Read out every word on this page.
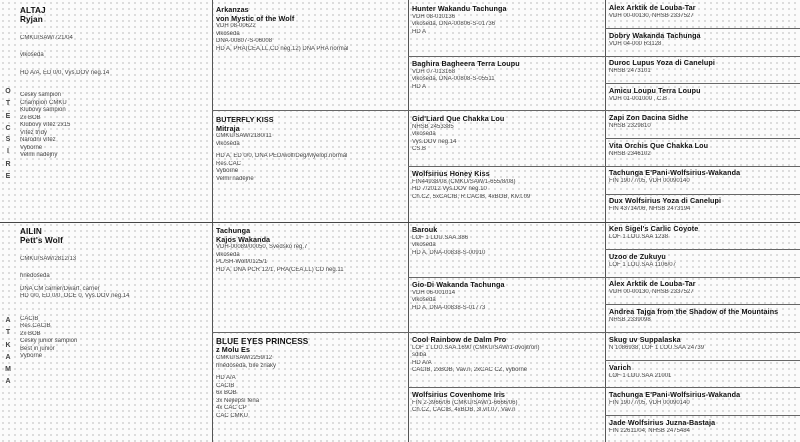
O
T
E
C
S
I
R
E
A
T
K
A
M
A
ALTAJ
Ryjan
CMKU/SAW/721/04
vlkošedá
HD A/A, ED 0/0, Vyš.DOV neg.14
Český šampion
Champion ČMKU
Klubový šampion
2x BOB
Klubový vítěz 2x15
Vítěz třídy
Národní vítěz
Vybornë
Velmi nadějný
AILIN
Pett's Wolf
CMKU/SAW/2812/13
hnědošedá
DNA CM carrier/Dwarf. carrier
HD 0/0, ED 0/0, OCE 0, Vyš.DOV neg.14
CACIB
Res.CACIB
2x BOB
Český junior šampion
Best in junior
Vybornë
Arkanzas
von Mystic of the Wolf
VDH 08-00622
vlkošedá
DNA-00807-S-06008
HD A, PRA(CEA,LL,CD neg.12) DNA PRA normal
BUTERFLY KISS
Mitraja
CMKU/SAW/2180/11
vlkošedá
HD A, ED 0/0, DNA PED/wolf/Deg/Myelop.normal
Res.CAC
Vybornë
Velmi nadějné
Tachunga
Kajos Wakanda
VDH-00089/00050, Švédsko reg.7
vlkošedá
PL/SH-Wolf/0125/1
HD A, DNA PCR 12/1, PRA(CEA,LL) CD neg.11
BLUE EYES PRINCESS
z Molu Es
CMKU/SAW/2259/12
hnědošedá, bílé znaky
HD A/A
CACIB
6x BOB
3x Nejlepší fena
4x CAC CP
CAC ČMKU
Hunter Wakandu Tachunga
VDH 08-010136
vlkošedá, DNA-00806-S-01736
HD A
Baghira Bagheera Terra Loupu
VDH 07-013168
vlkošedá, DNA-00808-S-05511
HD A
Gid'Liard Que Chakka Lou
NHSB 2453385
vlkošedá
Vyš.DOV neg.14
CS.B
Wolfsirius Honey Kiss
FIN44938/08 (CMKU/SAW/1-655/8/08)
HD 7/2012 Vyš.DOV neg.10
Ch.CZ, 5xCACIB, R.CACIB, 4xBOB, Klv.t.09
Barouk
LOF 1 LOU.SAA.386
vlkošedá
HD A, DNA-00838-S-00910
Gio-Di Wakanda Tachunga
VDH 06-001014
vlkošedá
HD A, DNA-00838-S-01773
Cool Rainbow de Dalm Pro
LOF 1 LOU.SAA.1690 (CMKU/SAW/1-dvojitron)
sdibá
HD A/A
CACIB, 2xBOB, Vav.n, 2xCAC CZ, vybornë
Wolfsirius Covenhome Iris
FIN 2-3966/06 (CMKU/SAW/1-6666/06)
Ch.CZ, CACIB, 4xBOB, 3l.vít.07, Vav.n
Alex Arktik de Louba-Tar
VDH 00-00130, NHSB 2337527
Dobry Wakanda Tachunga
VDH 04-000 R3128
Duroc Lupus Yoza di Canelupi
NHSB 2473101
Amicu Loupu Terra Loupu
VDH 01-001000 , C.B
Zapi Zon Dacina Sidhe
NHSB 2329810
Vita Orchis Que Chakka Lou
NHSB 2346102
Tachunga E'Pani-Wolfsirius-Wakanda
FIN 19077/05, VDH 00090140
Dux Wolfsirius Yoza di Canelupi
FIN 43714/06, NHSB 2473194
Ken Sigel's Carlic Coyote
LOF 1 LOU.SAA 1238
Uzoo de Zukuyu
LOF 1 LOU.SAA 1106/07
Alex Arktik de Louba-Tar
VDH 00-00130, NHSB 2337527
Andrea Tajga from the Shadow of the Mountains
NHSB 2339098
Skug uv Suppalaska
N 1086938, LOF 1 LOU.SAA 24739
Varich
LOF 1 LOU.SAA 21001
Tachunga E'Pani-Wolfsirius-Wakanda
FIN 19077/05, VDH 00090140
Jade Wolfsirius Juzna-Bastaja
FIN 22611/04, NHSB 2475484
